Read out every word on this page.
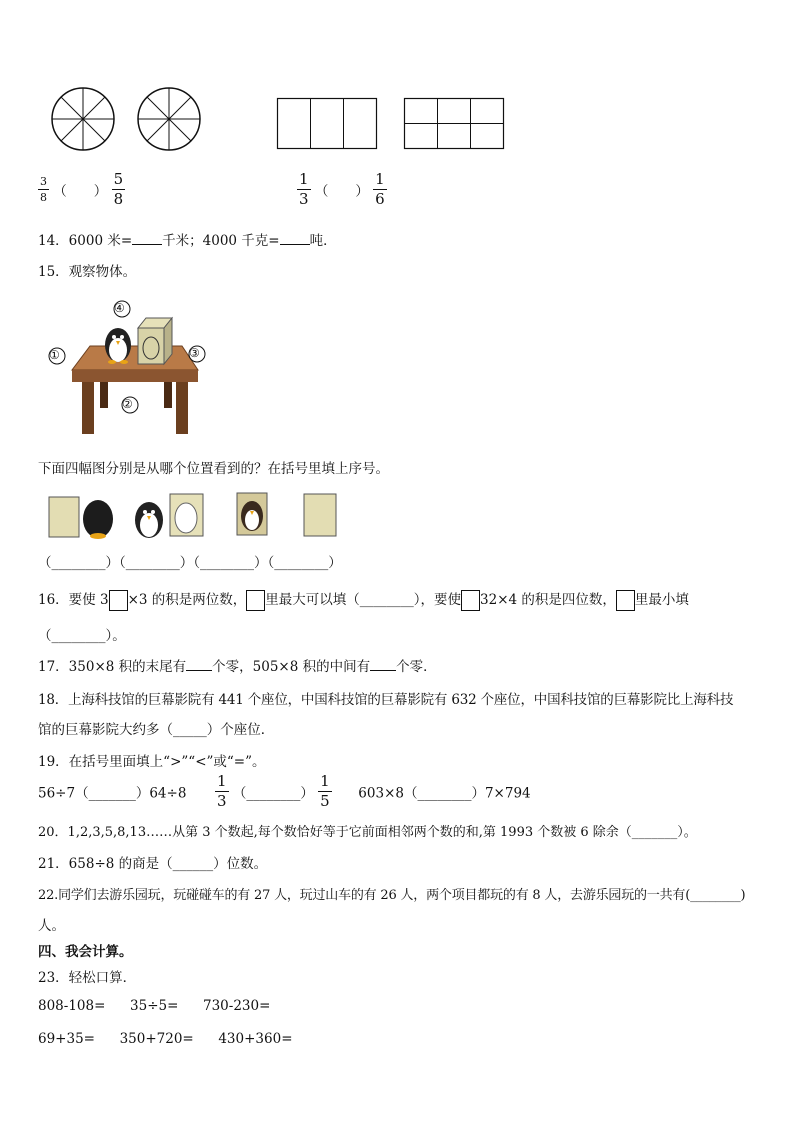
$\frac{3}{8}$ （　　） $\frac{5}{8}$	$\frac{1}{3}$ （　　） $\frac{1}{6}$
14．6000 米= 千米；4000 千克= 吨．
15．观察物体。
④
①	③
②
下面四幅图分别是从哪个位置看到的？在括号里填上序号。
（________）（________）（________）（________）
16．要使 3 ×3 的积是两位数， 里最大可以填（________），要使 32×4 的积是四位数， 里最小填
（________）。
17．350×8 积的末尾有 个零，505×8 积的中间有 个零．
18．上海科技馆的巨幕影院有 441 个座位，中国科技馆的巨幕影院有 632 个座位，中国科技馆的巨幕影院比上海科技
馆的巨幕影院大约多（_____）个座位．
19．在括号里面填上“>”“<”或“=”。
56÷7（_______）64÷8 $\frac{1}{3}$ （________） $\frac{1}{5}$ 603×8（________）7×794
20．1,2,3,5,8,13……从第 3 个数起,每个数恰好等于它前面相邻两个数的和,第 1993 个数被 6 除余（_______）。
21．658÷8 的商是（______）位数。
22.同学们去游乐园玩，玩碰碰车的有 27 人，玩过山车的有 26 人，两个项目都玩的有 8 人，去游乐园玩的一共有(________)
人。
四、我会计算。
23．轻松口算．
808-108= 35÷5= 730-230=
69+35= 350+720= 430+360=
